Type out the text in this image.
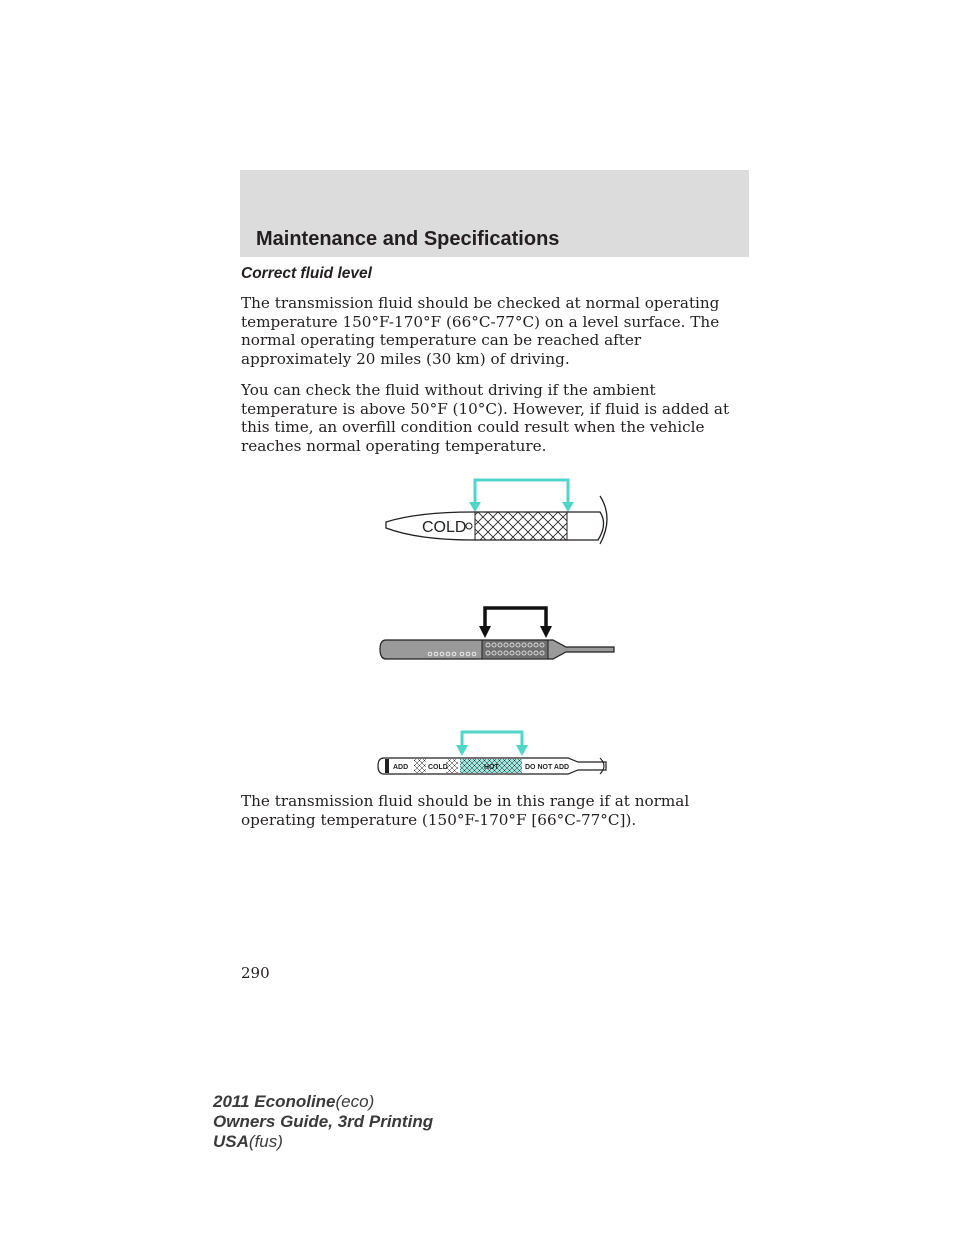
Maintenance and Specifications
Correct fluid level

The transmission fluid should be checked at normal operating temperature 150°F-170°F (66°C-77°C) on a level surface. The normal operating temperature can be reached after approximately 20 miles (30 km) of driving.

You can check the fluid without driving if the ambient temperature is above 50°F (10°C). However, if fluid is added at this time, an overfill condition could result when the vehicle reaches normal operating temperature.

COLD
ADD	COLD	HOT	DO NOT ADD

The transmission fluid should be in this range if at normal operating temperature (150°F-170°F [66°C-77°C]).

290
2011 Econoline(eco)
Owners Guide, 3rd Printing
USA(fus)
